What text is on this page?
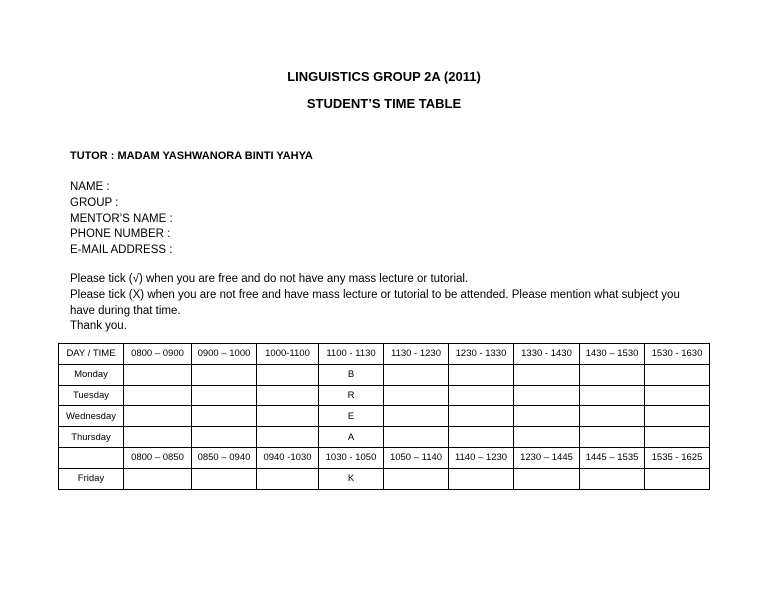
LINGUISTICS GROUP 2A (2011)
STUDENT’S TIME TABLE
TUTOR : MADAM YASHWANORA BINTI YAHYA
NAME :
GROUP :
MENTOR’S NAME :
PHONE NUMBER :
E-MAIL ADDRESS :
Please tick (√) when you are free and do not have any mass lecture or tutorial.
Please tick (X) when you are not free and have mass lecture or tutorial to be attended. Please mention what subject you
have during that time.
Thank you.
DAY / TIME	0800 – 0900	0900 – 1000	1000-1100	1100 - 1130	1130 - 1230	1230 - 1330	1330 - 1430	1430 – 1530	1530 - 1630
Monday				B					
Tuesday				R					
Wednesday				E					
Thursday				A					
	0800 – 0850	0850 – 0940	0940 -1030	1030 - 1050	1050 – 1140	1140 – 1230	1230 – 1445	1445 – 1535	1535 - 1625
Friday				K					
